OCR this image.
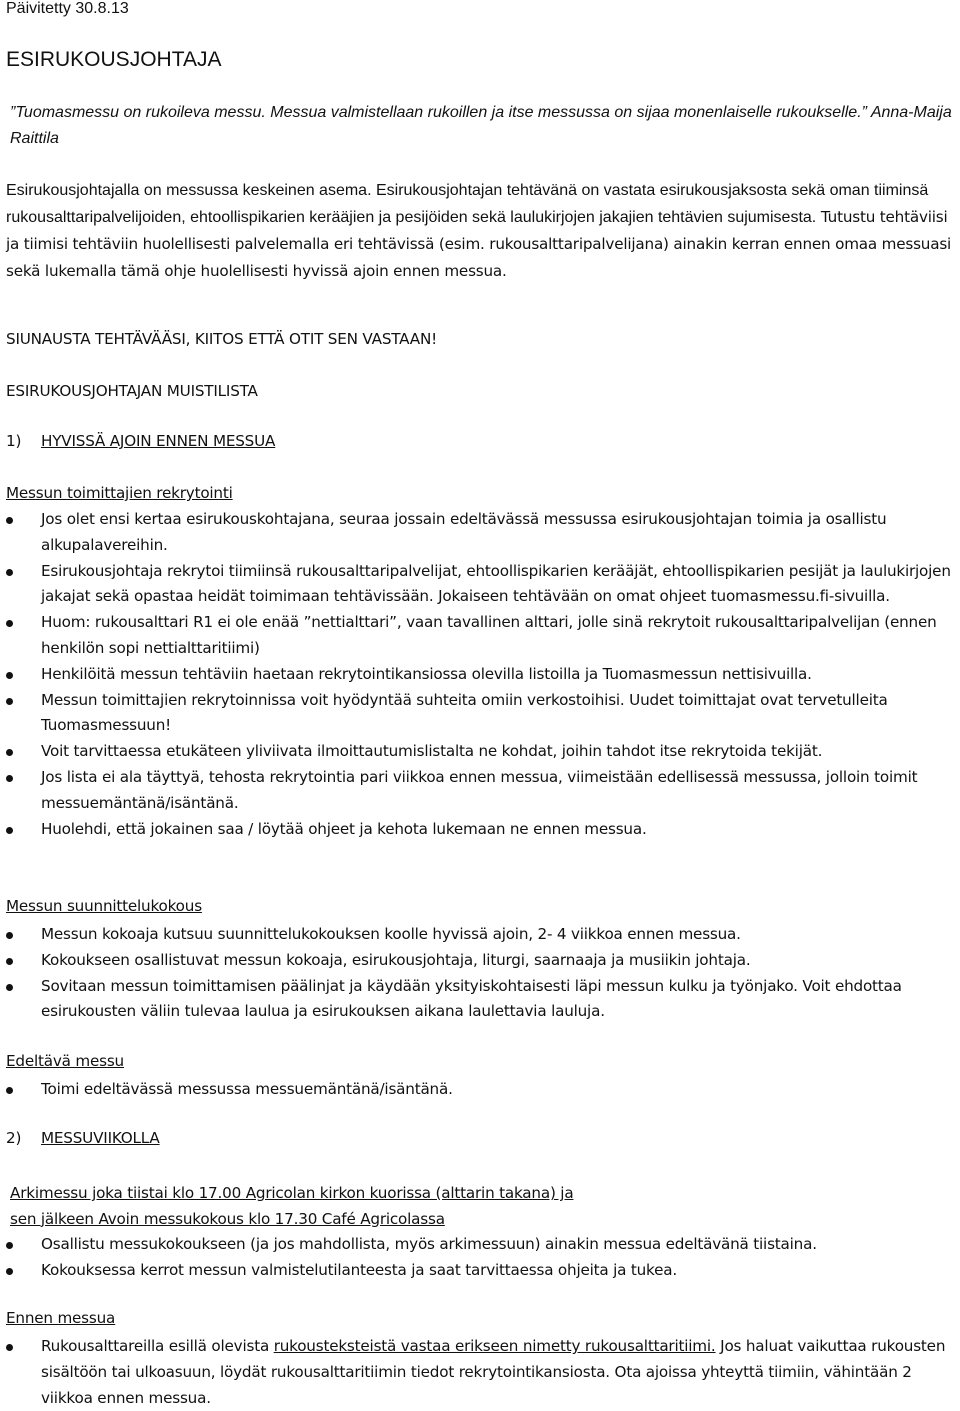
Päivitetty 30.8.13
ESIRUKOUSJOHTAJA
”Tuomasmessu on rukoileva messu. Messua valmistellaan rukoillen ja itse messussa on sijaa monenlaiselle rukoukselle.” Anna-Maija Raittila
Esirukousjohtajalla on messussa keskeinen asema. Esirukousjohtajan tehtävänä on vastata esirukousjaksosta sekä oman tiiminsä rukousalttaripalvelijoiden, ehtoollispikarien kerääjien ja pesijöiden sekä laulukirjojen jakajien tehtävien sujumisesta. Tutustu tehtäviisi ja tiimisi tehtäviin huolellisesti palvelemalla eri tehtävissä (esim. rukousalttaripalvelijana) ainakin kerran ennen omaa messuasi sekä lukemalla tämä ohje huolellisesti hyvissä ajoin ennen messua.
SIUNAUSTA TEHTÄVÄÄSI, KIITOS ETTÄ OTIT SEN VASTAAN!
ESIRUKOUSJOHTAJAN MUISTILISTA
1) HYVISSÄ AJOIN ENNEN MESSUA
Messun toimittajien rekrytointi
Jos olet ensi kertaa esirukouskohtajana, seuraa jossain edeltävässä messussa esirukousjohtajan toimia ja osallistu alkupalavereihin.
Esirukousjohtaja rekrytoi tiimiinsä rukousalttaripalvelijat, ehtoollispikarien kerääjät, ehtoollispikarien pesijät ja laulukirjojen jakajat sekä opastaa heidät toimimaan tehtävissään. Jokaiseen tehtävään on omat ohjeet tuomasmessu.fi-sivuilla.
Huom: rukousalttari R1 ei ole enää ”nettialttari”, vaan tavallinen alttari, jolle sinä rekrytoit rukousalttaripalvelijan (ennen henkilön sopi nettialttaritiimi)
Henkilöitä messun tehtäviin haetaan rekrytointikansiossa olevilla listoilla ja Tuomasmessun nettisivuilla.
Messun toimittajien rekrytoinnissa voit hyödyntää suhteita omiin verkostoihisi. Uudet toimittajat ovat tervetulleita Tuomasmessuun!
Voit tarvittaessa etukäteen yliviivata ilmoittautumislistalta ne kohdat, joihin tahdot itse rekrytoida tekijät.
Jos lista ei ala täyttyä, tehosta rekrytointia pari viikkoa ennen messua, viimeistään edellisessä messussa, jolloin toimit messuemäntänä/isäntänä.
Huolehdi, että jokainen saa / löytää ohjeet ja kehota lukemaan ne ennen messua.
Messun suunnittelukokous
Messun kokoaja kutsuu suunnittelukokouksen koolle hyvissä ajoin, 2- 4 viikkoa ennen messua.
Kokoukseen osallistuvat messun kokoaja, esirukousjohtaja, liturgi, saarnaaja ja musiikin johtaja.
Sovitaan messun toimittamisen päälinjat ja käydään yksityiskohtaisesti läpi messun kulku ja työnjako. Voit ehdottaa esirukousten väliin tulevaa laulua ja esirukouksen aikana laulettavia lauluja.
Edeltävä messu
Toimi edeltävässä messussa messuemäntänä/isäntänä.
2) MESSUVIIKOLLA
Arkimessu joka tiistai klo 17.00 Agricolan kirkon kuorissa (alttarin takana) ja
sen jälkeen Avoin messukokous klo 17.30 Café Agricolassa
Osallistu messukokoukseen (ja jos mahdollista, myös arkimessuun) ainakin messua edeltävänä tiistaina.
Kokouksessa kerrot messun valmistelutilanteesta ja saat tarvittaessa ohjeita ja tukea.
Ennen messua
Rukousalttareilla esillä olevista rukousteksteistä vastaa erikseen nimetty rukousalttaritiimi. Jos haluat vaikuttaa rukousten sisältöön tai ulkoasuun, löydät rukousalttaritiimin tiedot rekrytointikansiosta. Ota ajoissa yhteyttä tiimiin, vähintään 2 viikkoa ennen messua.
